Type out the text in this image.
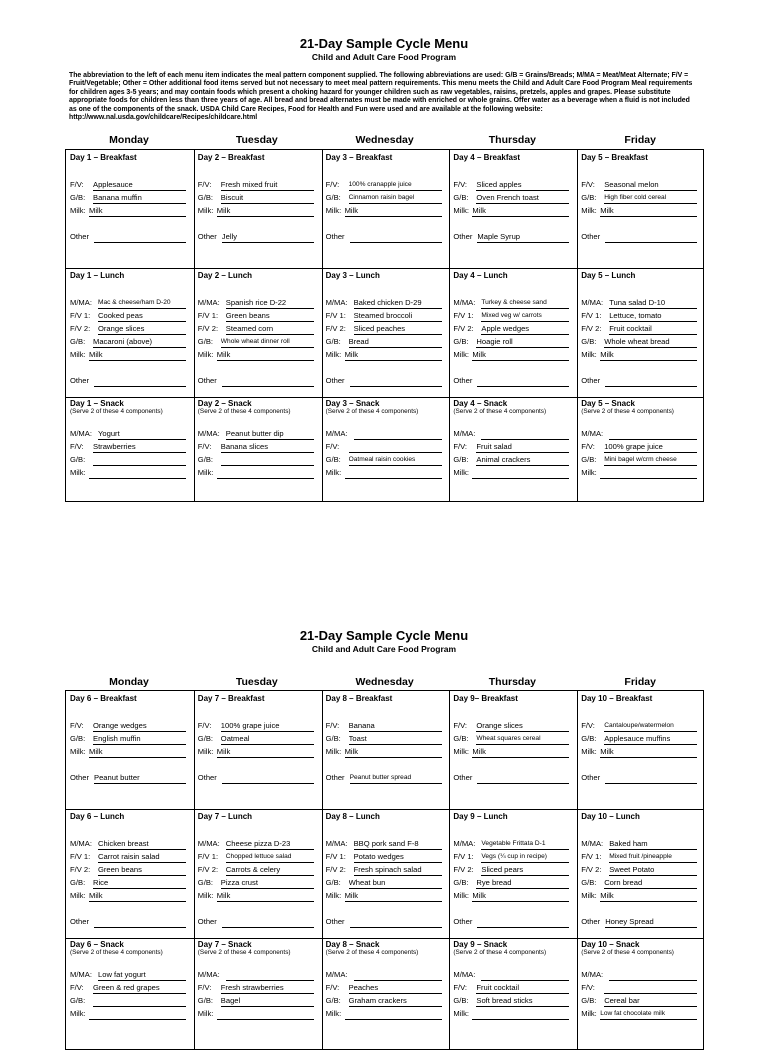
21-Day Sample Cycle Menu
Child and Adult Care Food Program
The abbreviation to the left of each menu item indicates the meal pattern component supplied. The following abbreviations are used: G/B = Grains/Breads; M/MA = Meat/Meat Alternate; F/V = Fruit/Vegetable; Other = Other additional food items served but not necessary to meet meal pattern requirements. This menu meets the Child and Adult Care Food Program Meal requirements for children ages 3-5 years; and may contain foods which present a choking hazard for younger children such as raw vegetables, raisins, pretzels, apples and grapes. Please substitute appropriate foods for children less than three years of age. All bread and bread alternates must be made with enriched or whole grains. Offer water as a beverage when a fluid is not included as one of the components of the snack. USDA Child Care Recipes, Food for Health and Fun were used and are available at the following website: http://www.nal.usda.gov/childcare/Recipes/childcare.html
Monday	Tuesday	Wednesday	Thursday	Friday
Day 1 – Breakfast
F/V: Applesauce
G/B: Banana muffin
Milk: Milk
Other
Day 2 – Breakfast
F/V: Fresh mixed fruit
G/B: Biscuit
Milk: Milk
Other Jelly
Day 3 – Breakfast
F/V: 100% cranapple juice
G/B: Cinnamon raisin bagel
Milk: Milk
Other
Day 4 – Breakfast
F/V: Sliced apples
G/B: Oven French toast
Milk: Milk
Other Maple Syrup
Day 5 – Breakfast
F/V: Seasonal melon
G/B: High fiber cold cereal
Milk: Milk
Other
Day 1 – Lunch
M/MA: Mac & cheese/ham D-20
F/V 1: Cooked peas
F/V 2: Orange slices
G/B: Macaroni (above)
Milk: Milk
Other
Day 2 – Lunch
M/MA: Spanish rice D-22
F/V 1: Green beans
F/V 2: Steamed corn
G/B: Whole wheat dinner roll
Milk: Milk
Other
Day 3 – Lunch
M/MA: Baked chicken D-29
F/V 1: Steamed broccoli
F/V 2: Sliced peaches
G/B: Bread
Milk: Milk
Other
Day 4 – Lunch
M/MA: Turkey & cheese sand
F/V 1: Mixed veg w/ carrots
F/V 2: Apple wedges
G/B: Hoagie roll
Milk: Milk
Other
Day 5 – Lunch
M/MA: Tuna salad D-10
F/V 1: Lettuce, tomato
F/V 2: Fruit cocktail
G/B: Whole wheat bread
Milk: Milk
Other
Day 1 – Snack
(Serve 2 of these 4 components)
M/MA: Yogurt
F/V: Strawberries
G/B:
Milk:
Day 2 – Snack
(Serve 2 of these 4 components)
M/MA: Peanut butter dip
F/V: Banana slices
G/B:
Milk:
Day 3 – Snack
(Serve 2 of these 4 components)
M/MA:
F/V:
G/B: Oatmeal raisin cookies
Milk:
Day 4 – Snack
(Serve 2 of these 4 components)
M/MA:
F/V: Fruit salad
G/B: Animal crackers
Milk:
Day 5 – Snack
(Serve 2 of these 4 components)
M/MA:
F/V: 100% grape juice
G/B: Mini bagel w/crm cheese
Milk:
21-Day Sample Cycle Menu
Child and Adult Care Food Program
Monday	Tuesday	Wednesday	Thursday	Friday
Day 6 – Breakfast
F/V: Orange wedges
G/B: English muffin
Milk: Milk
Other Peanut butter
Day 7 – Breakfast
F/V: 100% grape juice
G/B: Oatmeal
Milk: Milk
Other
Day 8 – Breakfast
F/V: Banana
G/B: Toast
Milk: Milk
Other Peanut butter spread
Day 9– Breakfast
F/V: Orange slices
G/B: Wheat squares cereal
Milk: Milk
Other
Day 10 – Breakfast
F/V: Cantaloupe/watermelon
G/B: Applesauce muffins
Milk: Milk
Other
Day 6 – Lunch
M/MA: Chicken breast
F/V 1: Carrot raisin salad
F/V 2: Green beans
G/B: Rice
Milk: Milk
Other
Day 7 – Lunch
M/MA: Cheese pizza D-23
F/V 1: Chopped lettuce salad
F/V 2: Carrots & celery
G/B: Pizza crust
Milk: Milk
Other
Day 8 – Lunch
M/MA: BBQ pork sand F-8
F/V 1: Potato wedges
F/V 2: Fresh spinach salad
G/B: Wheat bun
Milk: Milk
Other
Day 9 – Lunch
M/MA: Vegetable Frittata D-1
F/V 1: Vegs (¼ cup in recipe)
F/V 2: Sliced pears
G/B: Rye bread
Milk: Milk
Other
Day 10 – Lunch
M/MA: Baked ham
F/V 1: Mixed fruit /pineapple
F/V 2: Sweet Potato
G/B: Corn bread
Milk: Milk
Other Honey Spread
Day 6 – Snack
(Serve 2 of these 4 components)
M/MA: Low fat yogurt
F/V: Green & red grapes
G/B:
Milk:
Day 7 – Snack
(Serve 2 of these 4 components)
M/MA:
F/V: Fresh strawberries
G/B: Bagel
Milk:
Day 8 – Snack
(Serve 2 of these 4 components)
M/MA:
F/V: Peaches
G/B: Graham crackers
Milk:
Day 9 – Snack
(Serve 2 of these 4 components)
M/MA:
F/V: Fruit cocktail
G/B: Soft bread sticks
Milk:
Day 10 – Snack
(Serve 2 of these 4 components)
M/MA:
F/V:
G/B: Cereal bar
Milk: Low fat chocolate milk
